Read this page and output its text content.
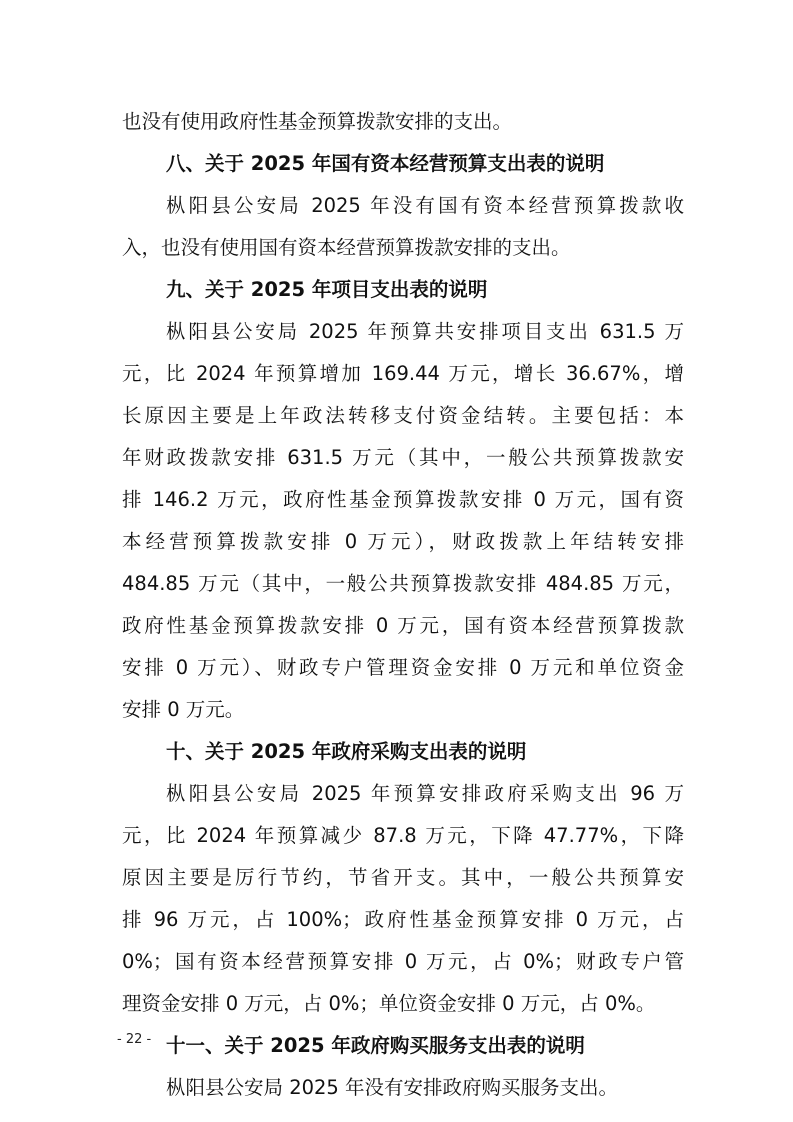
也没有使用政府性基金预算拨款安排的支出。
八、关于 2025 年国有资本经营预算支出表的说明
枞阳县公安局 2025 年没有国有资本经营预算拨款收
入，也没有使用国有资本经营预算拨款安排的支出。
九、关于 2025 年项目支出表的说明
枞阳县公安局 2025 年预算共安排项目支出 631.5 万
元，比 2024 年预算增加 169.44 万元，增长 36.67%，增
长原因主要是上年政法转移支付资金结转。主要包括：本
年财政拨款安排 631.5 万元（其中，一般公共预算拨款安
排 146.2 万元，政府性基金预算拨款安排 0 万元，国有资
本经营预算拨款安排 0 万元），财政拨款上年结转安排
484.85 万元（其中，一般公共预算拨款安排 484.85 万元，
政府性基金预算拨款安排 0 万元，国有资本经营预算拨款
安排 0 万元）、财政专户管理资金安排 0 万元和单位资金
安排 0 万元。
十、关于 2025 年政府采购支出表的说明
枞阳县公安局 2025 年预算安排政府采购支出 96 万
元，比 2024 年预算减少 87.8 万元，下降 47.77%，下降
原因主要是厉行节约，节省开支。其中，一般公共预算安
排 96 万元，占 100%；政府性基金预算安排 0 万元，占
0%；国有资本经营预算安排 0 万元，占 0%；财政专户管
理资金安排 0 万元，占 0%；单位资金安排 0 万元，占 0%。
十一、关于 2025 年政府购买服务支出表的说明
枞阳县公安局 2025 年没有安排政府购买服务支出。
- 22 -
